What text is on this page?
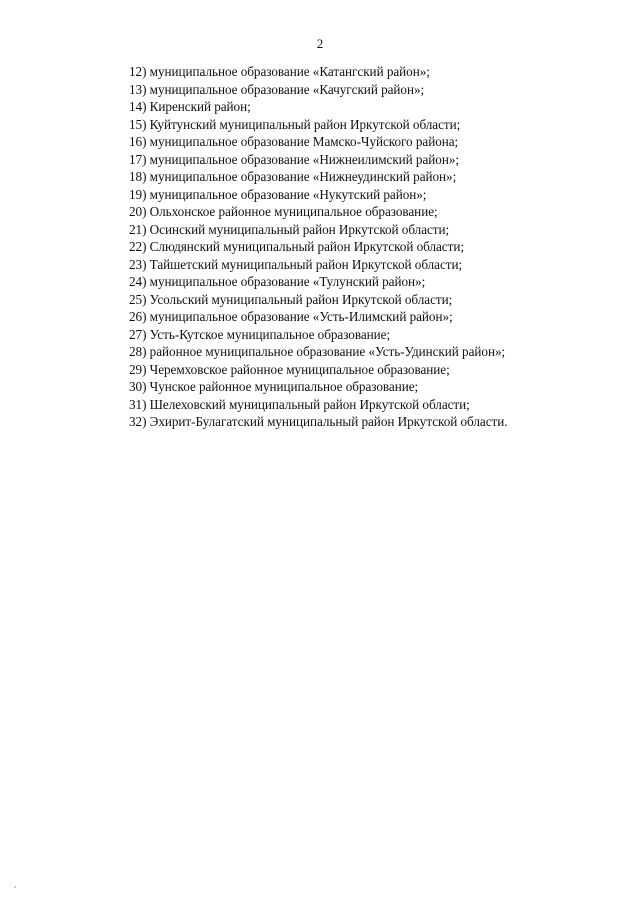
2
12) муниципальное образование «Катангский район»;
13) муниципальное образование «Качугский район»;
14) Киренский район;
15) Куйтунский муниципальный район Иркутской области;
16) муниципальное образование Мамско-Чуйского района;
17) муниципальное образование «Нижнеилимский район»;
18) муниципальное образование «Нижнеудинский район»;
19) муниципальное образование «Нукутский район»;
20) Ольхонское районное муниципальное образование;
21) Осинский муниципальный район Иркутской области;
22) Слюдянский муниципальный район Иркутской области;
23) Тайшетский муниципальный район Иркутской области;
24) муниципальное образование «Тулунский район»;
25) Усольский муниципальный район Иркутской области;
26) муниципальное образование «Усть-Илимский район»;
27) Усть-Кутское муниципальное образование;
28) районное муниципальное образование «Усть-Удинский район»;
29) Черемховское районное муниципальное образование;
30) Чунское районное муниципальное образование;
31) Шелеховский муниципальный район Иркутской области;
32) Эхирит-Булагатский муниципальный район Иркутской области.
